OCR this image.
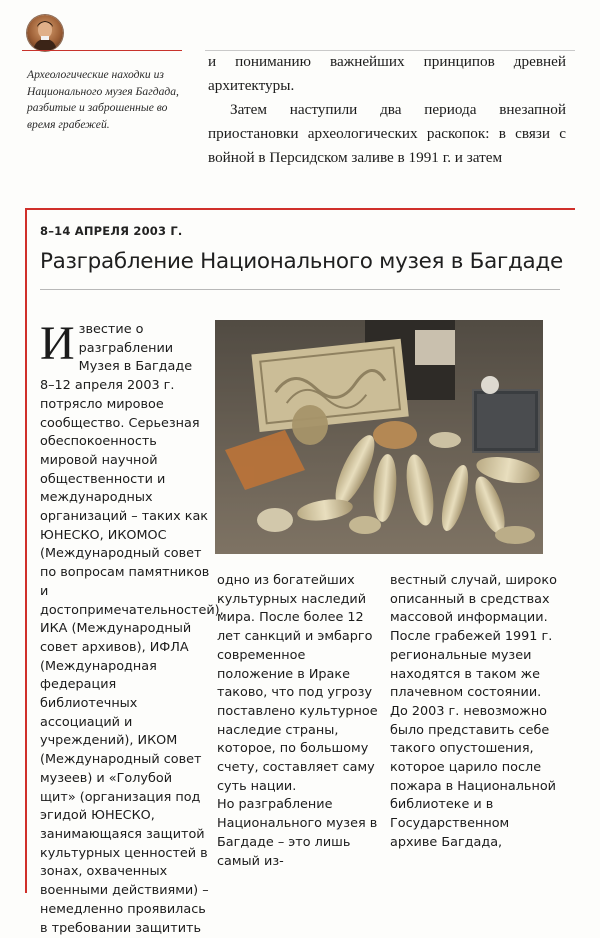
Археологические находки из Национального музея Багдада, разбитые и заброшенные во время грабежей.

и пониманию важнейших принципов древней архитектуры.

Затем наступили два периода внезапной приостановки археологических раскопок: в связи с войной в Персидском заливе в 1991 г. и затем

8–14 АПРЕЛЯ 2003 Г.

Разграбление Национального музея в Багдаде
И звестие о разграблении Музея в Багдаде 8–12 апреля 2003 г. потрясло мировое сообщество. Серьезная обеспокоенность мировой научной общественности и международных организаций – таких как ЮНЕСКО, ИКОМОС (Международный совет по вопросам памятников и достопримечательностей), ИКА (Международный совет архивов), ИФЛА (Международная федерация библиотечных ассоциаций и учреждений), ИКОМ (Международный совет музеев) и «Голубой щит» (организация под эгидой ЮНЕСКО, занимающаяся защитой культурных ценностей в зонах, охваченных военными действиями) – немедленно проявилась в требовании защитить

одно из богатейших культурных наследий мира. После более 12 лет санкций и эмбарго современное положение в Ираке таково, что под угрозу поставлено культурное наследие страны, которое, по большому счету, составляет саму суть нации.

Но разграбление Национального музея в Багдаде – это лишь самый из-

вестный случай, широко описанный в средствах массовой информации. После грабежей 1991 г. региональные музеи находятся в таком же плачевном состоянии. До 2003 г. невозможно было представить себе такого опустошения, которое царило после пожара в Национальной библиотеке и в Государственном архиве Багдада,
